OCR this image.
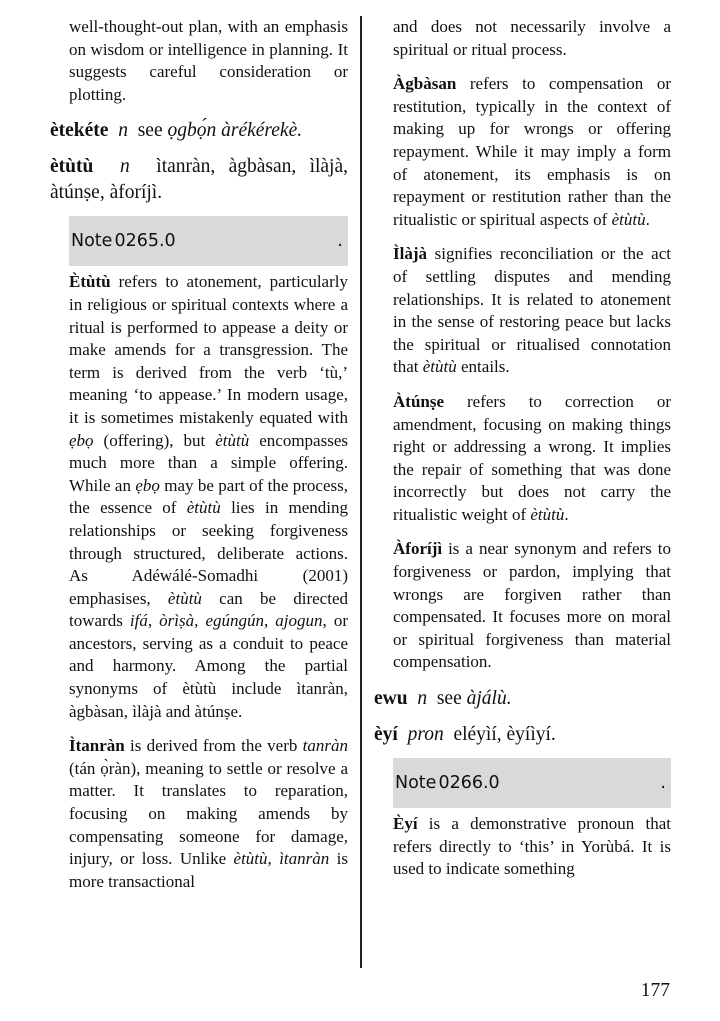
well-thought-out plan, with an emphasis on wisdom or intelligence in planning. It suggests careful consideration or plotting.

ètekéte n see ọgbọ́n àrékérekè.

ètùtù n ìtanràn, àgbàsan, ìlàjà, àtúnṣe, àforíjì.

Note 0265.0	.

Ètùtù refers to atonement, particularly in religious or spiritual contexts where a ritual is performed to appease a deity or make amends for a transgression. The term is derived from the verb ‘tù,’ meaning ‘to appease.’ In modern usage, it is sometimes mistakenly equated with ẹbọ (offering), but ètùtù encompasses much more than a simple offering. While an ẹbọ may be part of the process, the essence of ètùtù lies in mending relationships or seeking forgiveness through structured, deliberate actions. As Adéwálé-Somadhi (2001) emphasises, ètùtù can be directed towards ifá, òrìṣà, egúngún, ajogun, or ancestors, serving as a conduit to peace and harmony. Among the partial synonyms of ètùtù include ìtanràn, àgbàsan, ìlàjà and àtúnṣe.

Ìtanràn is derived from the verb tanràn (tán ọ̀ràn), meaning to settle or resolve a matter. It translates to reparation, focusing on making amends by compensating someone for damage, injury, or loss. Unlike ètùtù, ìtanràn is more transactional

and does not necessarily involve a spiritual or ritual process.

Àgbàsan refers to compensation or restitution, typically in the context of making up for wrongs or offering repayment. While it may imply a form of atonement, its emphasis is on repayment or restitution rather than the ritualistic or spiritual aspects of ètùtù.

Ìlàjà signifies reconciliation or the act of settling disputes and mending relationships. It is related to atonement in the sense of restoring peace but lacks the spiritual or ritualised connotation that ètùtù entails.

Àtúnṣe refers to correction or amendment, focusing on making things right or addressing a wrong. It implies the repair of something that was done incorrectly but does not carry the ritualistic weight of ètùtù.

Àforíjì is a near synonym and refers to forgiveness or pardon, implying that wrongs are forgiven rather than compensated. It focuses more on moral or spiritual forgiveness than material compensation.

ewu n see àjálù.

èyí pron eléyìí, èyíìyí.

Note 0266.0	.

Èyí is a demonstrative pronoun that refers directly to ‘this’ in Yorùbá. It is used to indicate something

177
